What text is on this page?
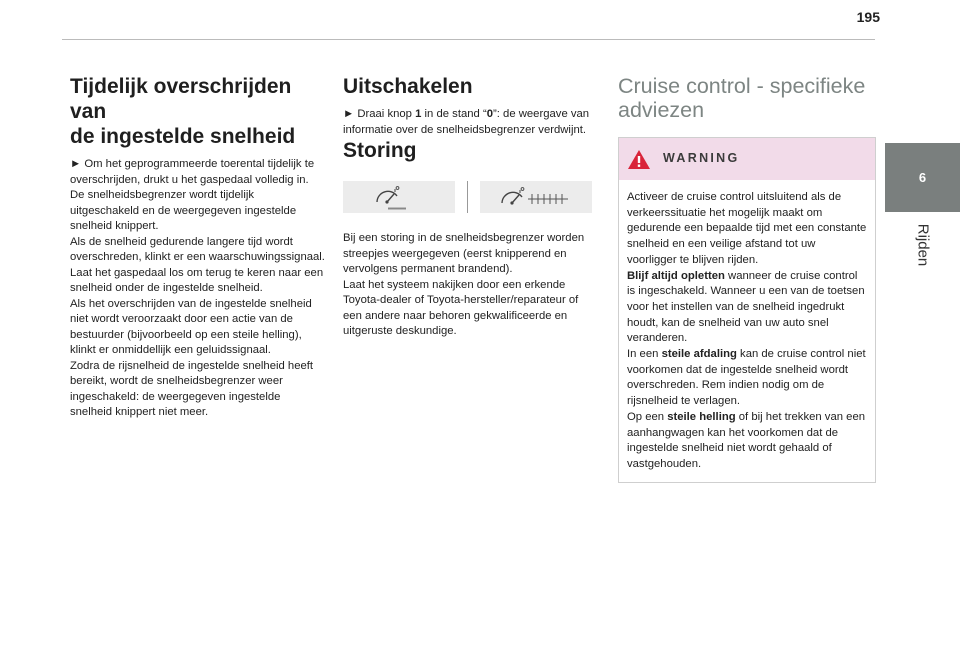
195
6
Rijden
Tijdelijk overschrijden van
de ingestelde snelheid

► Om het geprogrammeerde toerental tijdelijk te overschrijden, drukt u het gaspedaal volledig in.

De snelheidsbegrenzer wordt tijdelijk uitgeschakeld en de weergegeven ingestelde snelheid knippert.

Als de snelheid gedurende langere tijd wordt overschreden, klinkt er een waarschuwingssignaal.

Laat het gaspedaal los om terug te keren naar een snelheid onder de ingestelde snelheid.

Als het overschrijden van de ingestelde snelheid niet wordt veroorzaakt door een actie van de bestuurder (bijvoorbeeld op een steile helling), klinkt er onmiddellijk een geluidssignaal.

Zodra de rijsnelheid de ingestelde snelheid heeft bereikt, wordt de snelheidsbegrenzer weer ingeschakeld: de weergegeven ingestelde snelheid knippert niet meer.

Uitschakelen

► Draai knop 1 in de stand “0”: de weergave van informatie over de snelheidsbegrenzer verdwijnt.

Storing

Bij een storing in de snelheidsbegrenzer worden streepjes weergegeven (eerst knipperend en vervolgens permanent brandend).

Laat het systeem nakijken door een erkende Toyota-dealer of Toyota-hersteller/reparateur of een andere naar behoren gekwalificeerde en uitgeruste deskundige.

Cruise control - specifieke
adviezen
WARNING

Activeer de cruise control uitsluitend als de verkeerssituatie het mogelijk maakt om gedurende een bepaalde tijd met een constante snelheid en een veilige afstand tot uw voorligger te blijven rijden.

Blijf altijd opletten wanneer de cruise control is ingeschakeld. Wanneer u een van de toetsen voor het instellen van de snelheid ingedrukt houdt, kan de snelheid van uw auto snel veranderen.

In een steile afdaling kan de cruise control niet voorkomen dat de ingestelde snelheid wordt overschreden. Rem indien nodig om de rijsnelheid te verlagen.

Op een steile helling of bij het trekken van een aanhangwagen kan het voorkomen dat de ingestelde snelheid niet wordt gehaald of vastgehouden.
